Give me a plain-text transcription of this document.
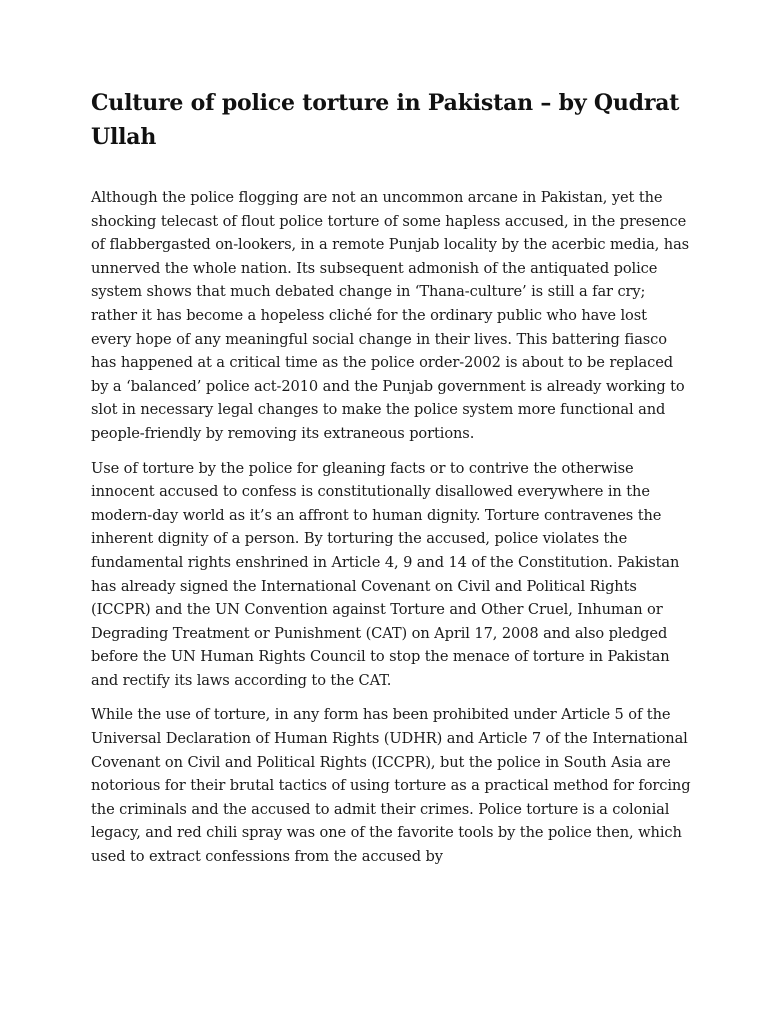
Culture of police torture in Pakistan – by Qudrat Ullah

Although the police flogging are not an uncommon arcane in Pakistan, yet the shocking telecast of flout police torture of some hapless accused, in the presence of flabbergasted on-lookers, in a remote Punjab locality by the acerbic media, has unnerved the whole nation. Its subsequent admonish of the antiquated police system shows that much debated change in ‘Thana-culture’ is still a far cry; rather it has become a hopeless cliché for the ordinary public who have lost every hope of any meaningful social change in their lives. This battering fiasco has happened at a critical time as the police order-2002 is about to be replaced by a ‘balanced’ police act-2010 and the Punjab government is already working to slot in necessary legal changes to make the police system more functional and people-friendly by removing its extraneous portions.

Use of torture by the police for gleaning facts or to contrive the otherwise innocent accused to confess is constitutionally disallowed everywhere in the modern-day world as it’s an affront to human dignity. Torture contravenes the inherent dignity of a person. By torturing the accused, police violates the fundamental rights enshrined in Article 4, 9 and 14 of the Constitution. Pakistan has already signed the International Covenant on Civil and Political Rights (ICCPR) and the UN Convention against Torture and Other Cruel, Inhuman or Degrading Treatment or Punishment (CAT) on April 17, 2008 and also pledged before the UN Human Rights Council to stop the menace of torture in Pakistan and rectify its laws according to the CAT.

While the use of torture, in any form has been prohibited under Article 5 of the Universal Declaration of Human Rights (UDHR) and Article 7 of the International Covenant on Civil and Political Rights (ICCPR), but the police in South Asia are notorious for their brutal tactics of using torture as a practical method for forcing the criminals and the accused to admit their crimes. Police torture is a colonial legacy, and red chili spray was one of the favorite tools by the police then, which used to extract confessions from the accused by
